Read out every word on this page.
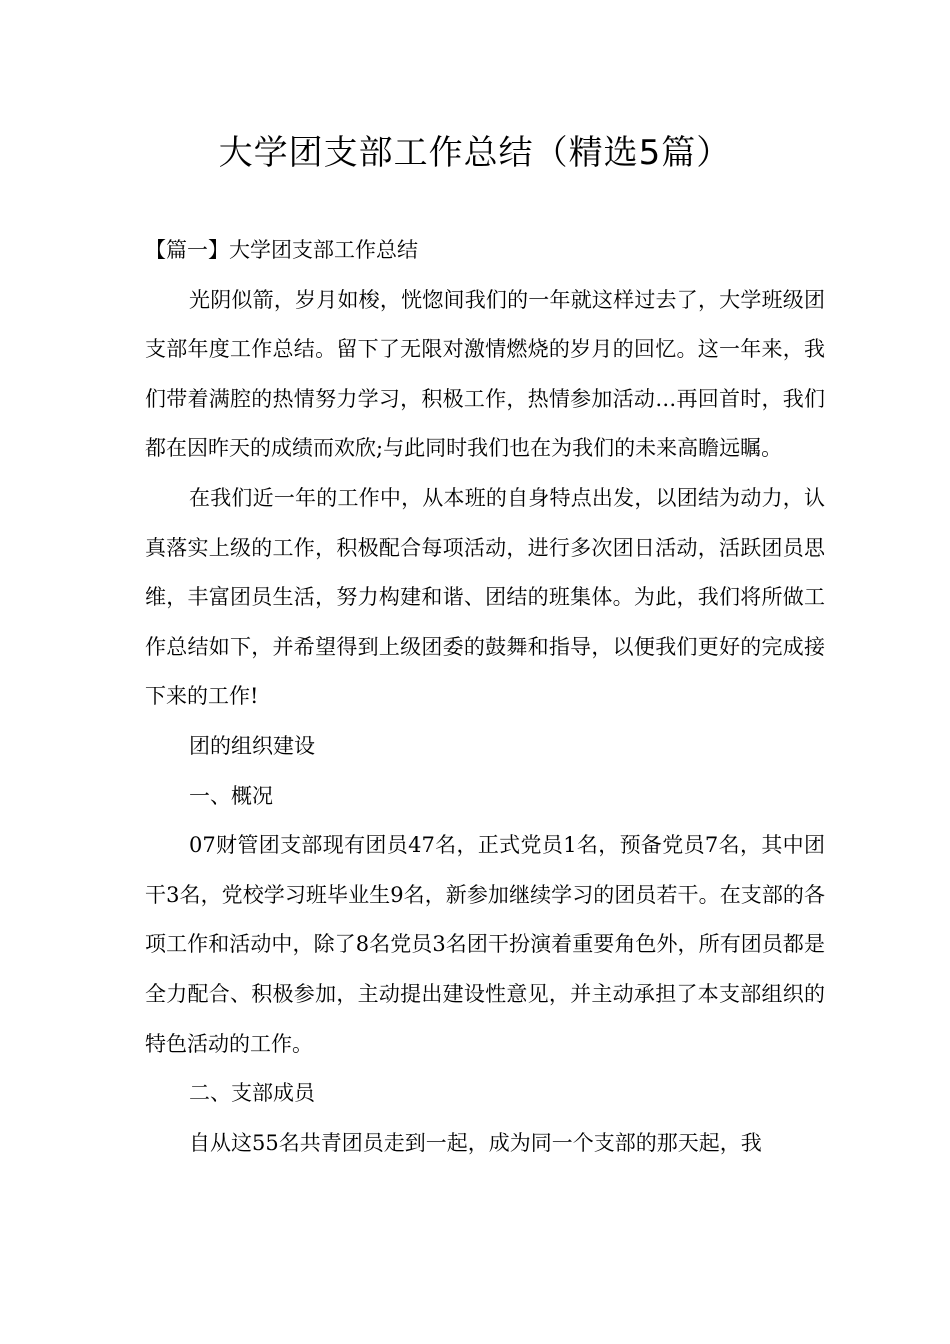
大学团支部工作总结（精选5篇）

【篇一】大学团支部工作总结

光阴似箭，岁月如梭，恍惚间我们的一年就这样过去了，大学班级团支部年度工作总结。留下了无限对激情燃烧的岁月的回忆。这一年来，我们带着满腔的热情努力学习，积极工作，热情参加活动…再回首时，我们都在因昨天的成绩而欢欣;与此同时我们也在为我们的未来高瞻远瞩。

在我们近一年的工作中，从本班的自身特点出发，以团结为动力，认真落实上级的工作，积极配合每项活动，进行多次团日活动，活跃团员思维，丰富团员生活，努力构建和谐、团结的班集体。为此，我们将所做工作总结如下，并希望得到上级团委的鼓舞和指导，以便我们更好的完成接下来的工作!

团的组织建设

一、概况

07财管团支部现有团员47名，正式党员1名，预备党员7名，其中团干3名，党校学习班毕业生9名，新参加继续学习的团员若干。在支部的各项工作和活动中，除了8名党员3名团干扮演着重要角色外，所有团员都是全力配合、积极参加，主动提出建设性意见，并主动承担了本支部组织的特色活动的工作。

二、支部成员

自从这55名共青团员走到一起，成为同一个支部的那天起，我
